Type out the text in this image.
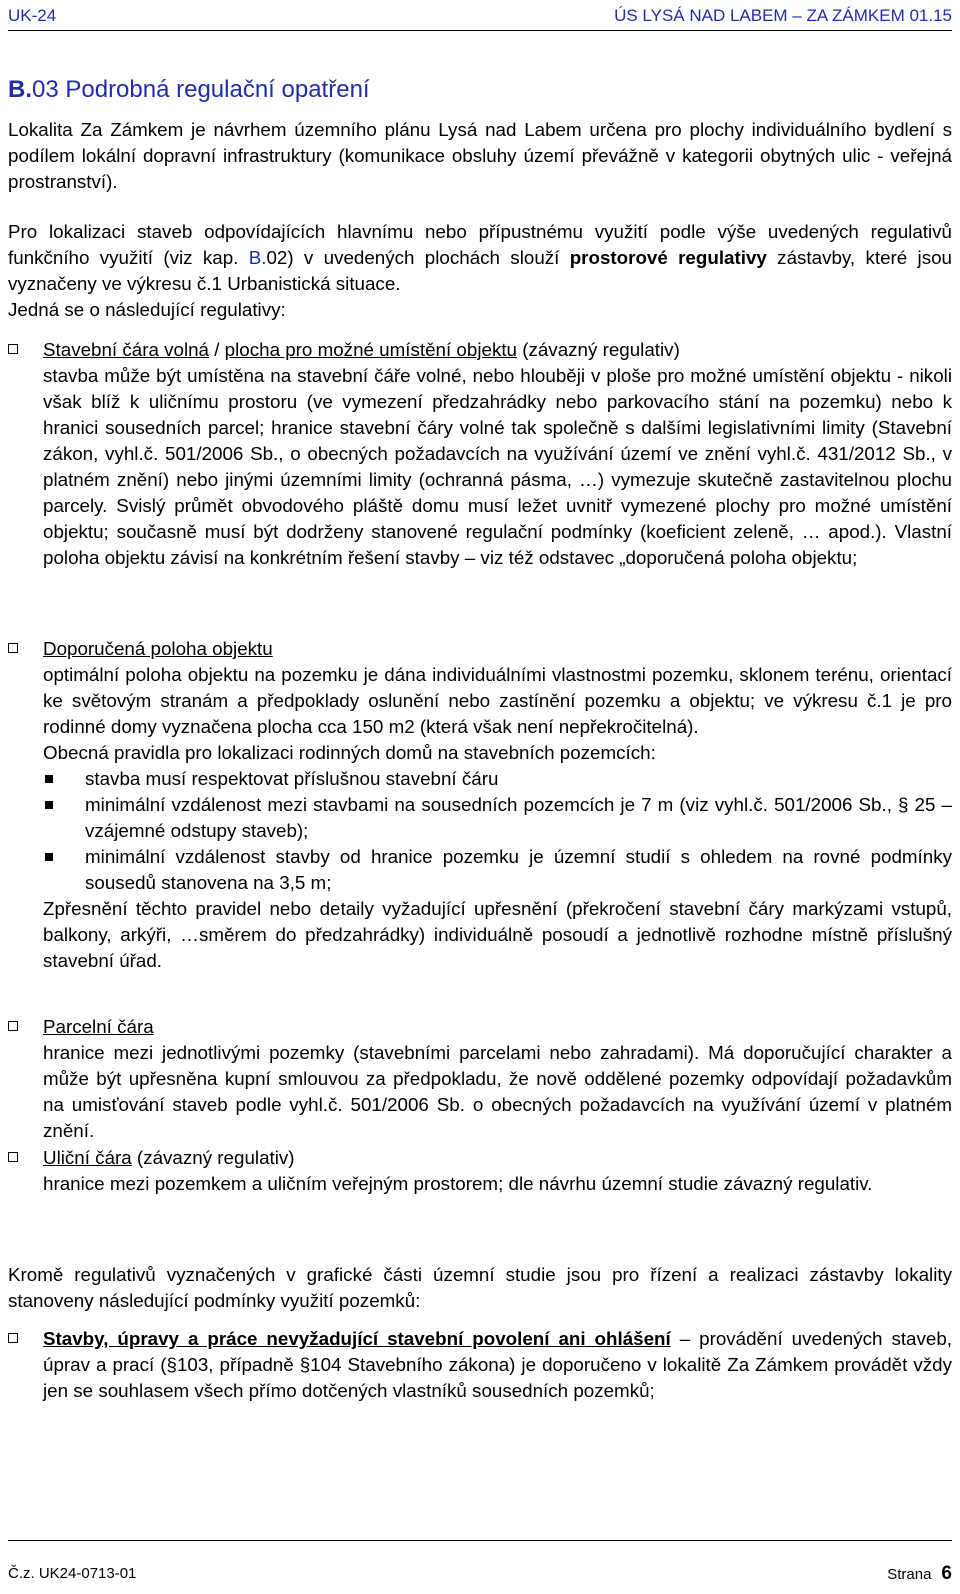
UK-24	ÚS LYSÁ NAD LABEM – ZA ZÁMKEM 01.15
B.03 Podrobná regulační opatření
Lokalita Za Zámkem je návrhem územního plánu Lysá nad Labem určena pro plochy individuálního bydlení s podílem lokální dopravní infrastruktury (komunikace obsluhy území převážně v kategorii obytných ulic - veřejná prostranství).
Pro lokalizaci staveb odpovídajících hlavnímu nebo přípustnému využití podle výše uvedených regulativů funkčního využití (viz kap. B.02) v uvedených plochách slouží prostorové regulativy zástavby, které jsou vyznačeny ve výkresu č.1 Urbanistická situace.
Jedná se o následující regulativy:
Stavební čára volná / plocha pro možné umístění objektu (závazný regulativ)
stavba může být umístěna na stavební čáře volné, nebo hlouběji v ploše pro možné umístění objektu - nikoli však blíž k uličnímu prostoru (ve vymezení předzahrádky nebo parkovacího stání na pozemku) nebo k hranici sousedních parcel; hranice stavební čáry volné tak společně s dalšími legislativními limity (Stavební zákon, vyhl.č. 501/2006 Sb., o obecných požadavcích na využívání území ve znění vyhl.č. 431/2012 Sb., v platném znění) nebo jinými územními limity (ochranná pásma, …) vymezuje skutečně zastavitelnou plochu parcely. Svislý průmět obvodového pláště domu musí ležet uvnitř vymezené plochy pro možné umístění objektu; současně musí být dodrženy stanovené regulační podmínky (koeficient zeleně, … apod.). Vlastní poloha objektu závisí na konkrétním řešení stavby – viz též odstavec „doporučená poloha objektu;
Doporučená poloha objektu
optimální poloha objektu na pozemku je dána individuálními vlastnostmi pozemku, sklonem terénu, orientací ke světovým stranám a předpoklady oslunění nebo zastínění pozemku a objektu; ve výkresu č.1 je pro rodinné domy vyznačena plocha cca 150 m2 (která však není nepřekročitelná).
Obecná pravidla pro lokalizaci rodinných domů na stavebních pozemcích:
stavba musí respektovat příslušnou stavební čáru
minimální vzdálenost mezi stavbami na sousedních pozemcích je 7 m (viz vyhl.č. 501/2006 Sb., § 25 – vzájemné odstupy staveb);
minimální vzdálenost stavby od hranice pozemku je územní studií s ohledem na rovné podmínky sousedů stanovena na 3,5 m;
Zpřesnění těchto pravidel nebo detaily vyžadující upřesnění (překročení stavební čáry markýzami vstupů, balkony, arkýři, …směrem do předzahrádky) individuálně posoudí a jednotlivě rozhodne místně příslušný stavební úřad.
Parcelní čára
hranice mezi jednotlivými pozemky (stavebními parcelami nebo zahradami). Má doporučující charakter a může být upřesněna kupní smlouvou za předpokladu, že nově oddělené pozemky odpovídají požadavkům na umisťování staveb podle vyhl.č. 501/2006 Sb. o obecných požadavcích na využívání území v platném znění.
Uliční čára (závazný regulativ)
hranice mezi pozemkem a uličním veřejným prostorem; dle návrhu územní studie závazný regulativ.
Kromě regulativů vyznačených v grafické části územní studie jsou pro řízení a realizaci zástavby lokality stanoveny následující podmínky využití pozemků:
Stavby, úpravy a práce nevyžadující stavební povolení ani ohlášení – provádění uvedených staveb, úprav a prací (§103, případně §104 Stavebního zákona) je doporučeno v lokalitě Za Zámkem provádět vždy jen se souhlasem všech přímo dotčených vlastníků sousedních pozemků;
Č.z. UK24-0713-01	Strana 6
